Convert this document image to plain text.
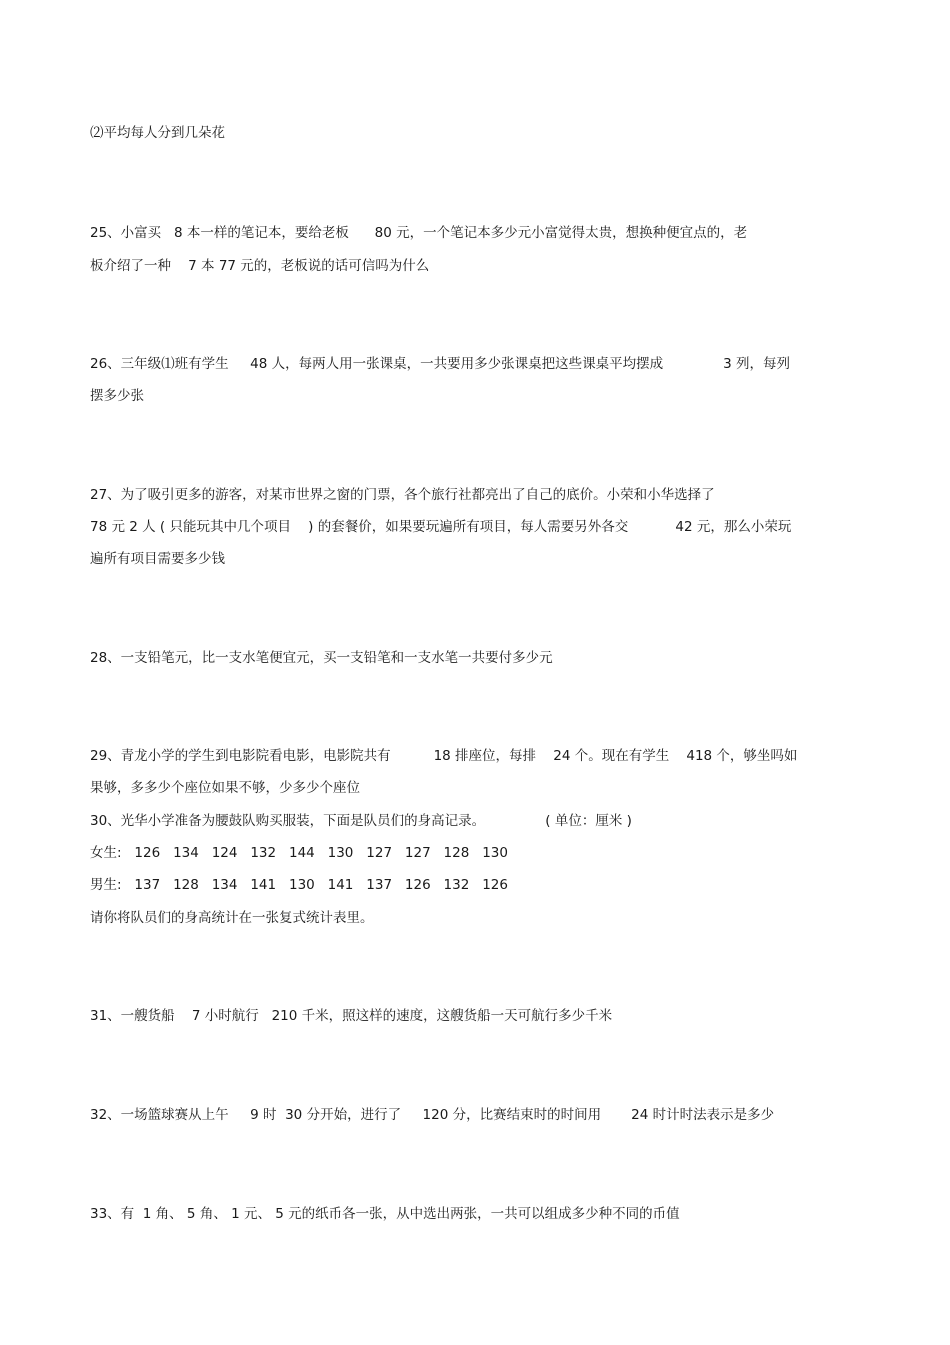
⑵平均每人分到几朵花
25、小富买   8 本一样的笔记本，要给老板      80 元，一个笔记本多少元小富觉得太贵，想换种便宜点的，老
板介绍了一种    7 本 77 元的，老板说的话可信吗为什么
26、三年级⑴班有学生     48 人，每两人用一张课桌，一共要用多少张课桌把这些课桌平均摆成              3 列，每列
摆多少张
27、为了吸引更多的游客，对某市世界之窗的门票，各个旅行社都亮出了自己的底价。小荣和小华选择了
78 元 2 人 ( 只能玩其中几个项目    ) 的套餐价，如果要玩遍所有项目，每人需要另外各交           42 元，那么小荣玩
遍所有项目需要多少钱
28、一支铅笔元，比一支水笔便宜元，买一支铅笔和一支水笔一共要付多少元
29、青龙小学的学生到电影院看电影，电影院共有          18 排座位，每排    24 个。现在有学生    418 个，够坐吗如
果够，多多少个座位如果不够，少多少个座位
30、光华小学准备为腰鼓队购买服装，下面是队员们的身高记录。              ( 单位：厘米 )
女生:   126   134   124   132   144   130   127   127   128   130
男生:   137   128   134   141   130   141   137   126   132   126
请你将队员们的身高统计在一张复式统计表里。
31、一艘货船    7 小时航行   210 千米，照这样的速度，这艘货船一天可航行多少千米
32、一场篮球赛从上午     9 时  30 分开始，进行了     120 分，比赛结束时的时间用       24 时计时法表示是多少
33、有  1 角、 5 角、 1 元、 5 元的纸币各一张，从中选出两张，一共可以组成多少种不同的币值
